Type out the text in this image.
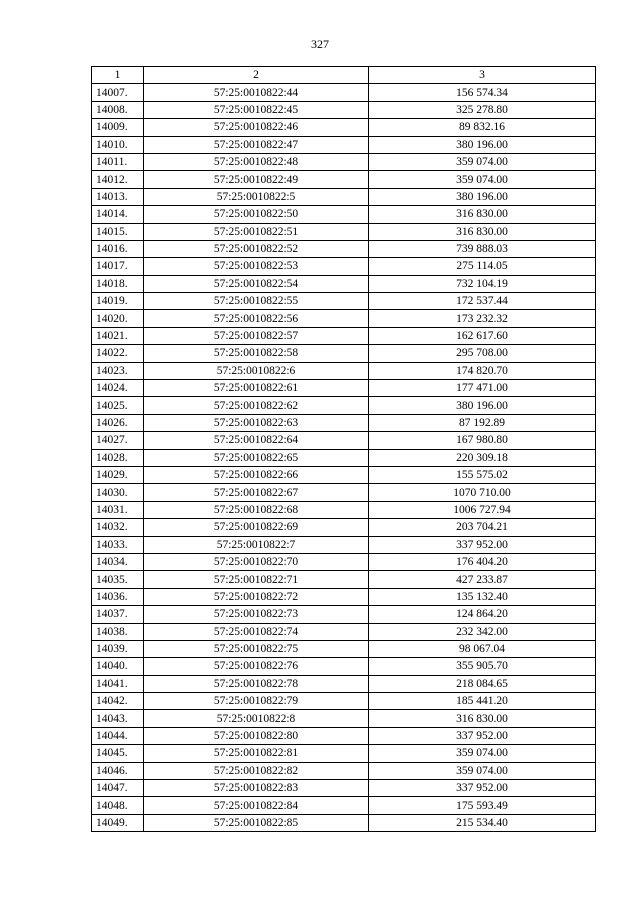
327
1	2	3
14007.	57:25:0010822:44	156 574.34
14008.	57:25:0010822:45	325 278.80
14009.	57:25:0010822:46	89 832.16
14010.	57:25:0010822:47	380 196.00
14011.	57:25:0010822:48	359 074.00
14012.	57:25:0010822:49	359 074.00
14013.	57:25:0010822:5	380 196.00
14014.	57:25:0010822:50	316 830.00
14015.	57:25:0010822:51	316 830.00
14016.	57:25:0010822:52	739 888.03
14017.	57:25:0010822:53	275 114.05
14018.	57:25:0010822:54	732 104.19
14019.	57:25:0010822:55	172 537.44
14020.	57:25:0010822:56	173 232.32
14021.	57:25:0010822:57	162 617.60
14022.	57:25:0010822:58	295 708.00
14023.	57:25:0010822:6	174 820.70
14024.	57:25:0010822:61	177 471.00
14025.	57:25:0010822:62	380 196.00
14026.	57:25:0010822:63	87 192.89
14027.	57:25:0010822:64	167 980.80
14028.	57:25:0010822:65	220 309.18
14029.	57:25:0010822:66	155 575.02
14030.	57:25:0010822:67	1070 710.00
14031.	57:25:0010822:68	1006 727.94
14032.	57:25:0010822:69	203 704.21
14033.	57:25:0010822:7	337 952.00
14034.	57:25:0010822:70	176 404.20
14035.	57:25:0010822:71	427 233.87
14036.	57:25:0010822:72	135 132.40
14037.	57:25:0010822:73	124 864.20
14038.	57:25:0010822:74	232 342.00
14039.	57:25:0010822:75	98 067.04
14040.	57:25:0010822:76	355 905.70
14041.	57:25:0010822:78	218 084.65
14042.	57:25:0010822:79	185 441.20
14043.	57:25:0010822:8	316 830.00
14044.	57:25:0010822:80	337 952.00
14045.	57:25:0010822:81	359 074.00
14046.	57:25:0010822:82	359 074.00
14047.	57:25:0010822:83	337 952.00
14048.	57:25:0010822:84	175 593.49
14049.	57:25:0010822:85	215 534.40
